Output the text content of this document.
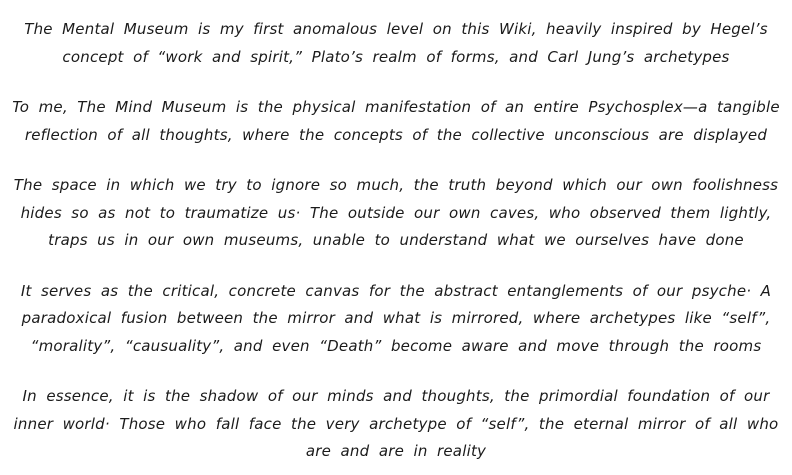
The Mental Museum is my first anomalous level on this Wiki, heavily inspired by Hegel’s concept of “work and spirit,” Plato’s realm of forms, and Carl Jung’s archetypes

To me, The Mind Museum is the physical manifestation of an entire Psychosplex—a tangible reflection of all thoughts, where the concepts of the collective unconscious are displayed

The space in which we try to ignore so much, the truth beyond which our own foolishness hides so as not to traumatize us· The outside our own caves, who observed them lightly, traps us in our own museums, unable to understand what we ourselves have done

It serves as the critical, concrete canvas for the abstract entanglements of our psyche· A paradoxical fusion between the mirror and what is mirrored, where archetypes like “self”, “morality”, “causuality”, and even “Death” become aware and move through the rooms

In essence, it is the shadow of our minds and thoughts, the primordial foundation of our inner world· Those who fall face the very archetype of “self”, the eternal mirror of all who are and are in reality
